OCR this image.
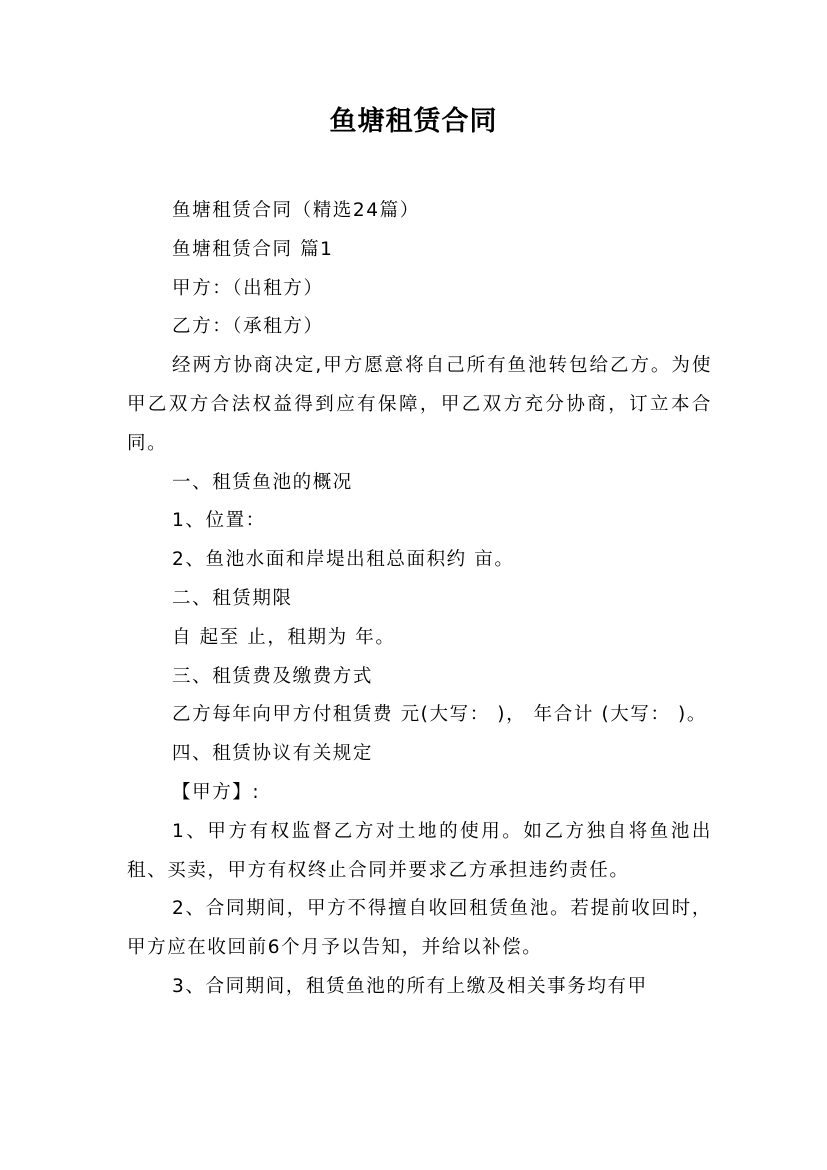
鱼塘租赁合同

鱼塘租赁合同（精选24篇）

鱼塘租赁合同 篇1

甲方：（出租方）

乙方：（承租方）

经两方协商决定,甲方愿意将自己所有鱼池转包给乙方。为使甲乙双方合法权益得到应有保障，甲乙双方充分协商，订立本合同。

一、租赁鱼池的概况

1、位置：

2、鱼池水面和岸堤出租总面积约 亩。

二、租赁期限

自 起至 止，租期为 年。

三、租赁费及缴费方式

乙方每年向甲方付租赁费 元(大写： )， 年合计 (大写： )。

四、租赁协议有关规定

【甲方】:

1、甲方有权监督乙方对土地的使用。如乙方独自将鱼池出租、买卖，甲方有权终止合同并要求乙方承担违约责任。

2、合同期间，甲方不得擅自收回租赁鱼池。若提前收回时，甲方应在收回前6个月予以告知，并给以补偿。

3、合同期间，租赁鱼池的所有上缴及相关事务均有甲
